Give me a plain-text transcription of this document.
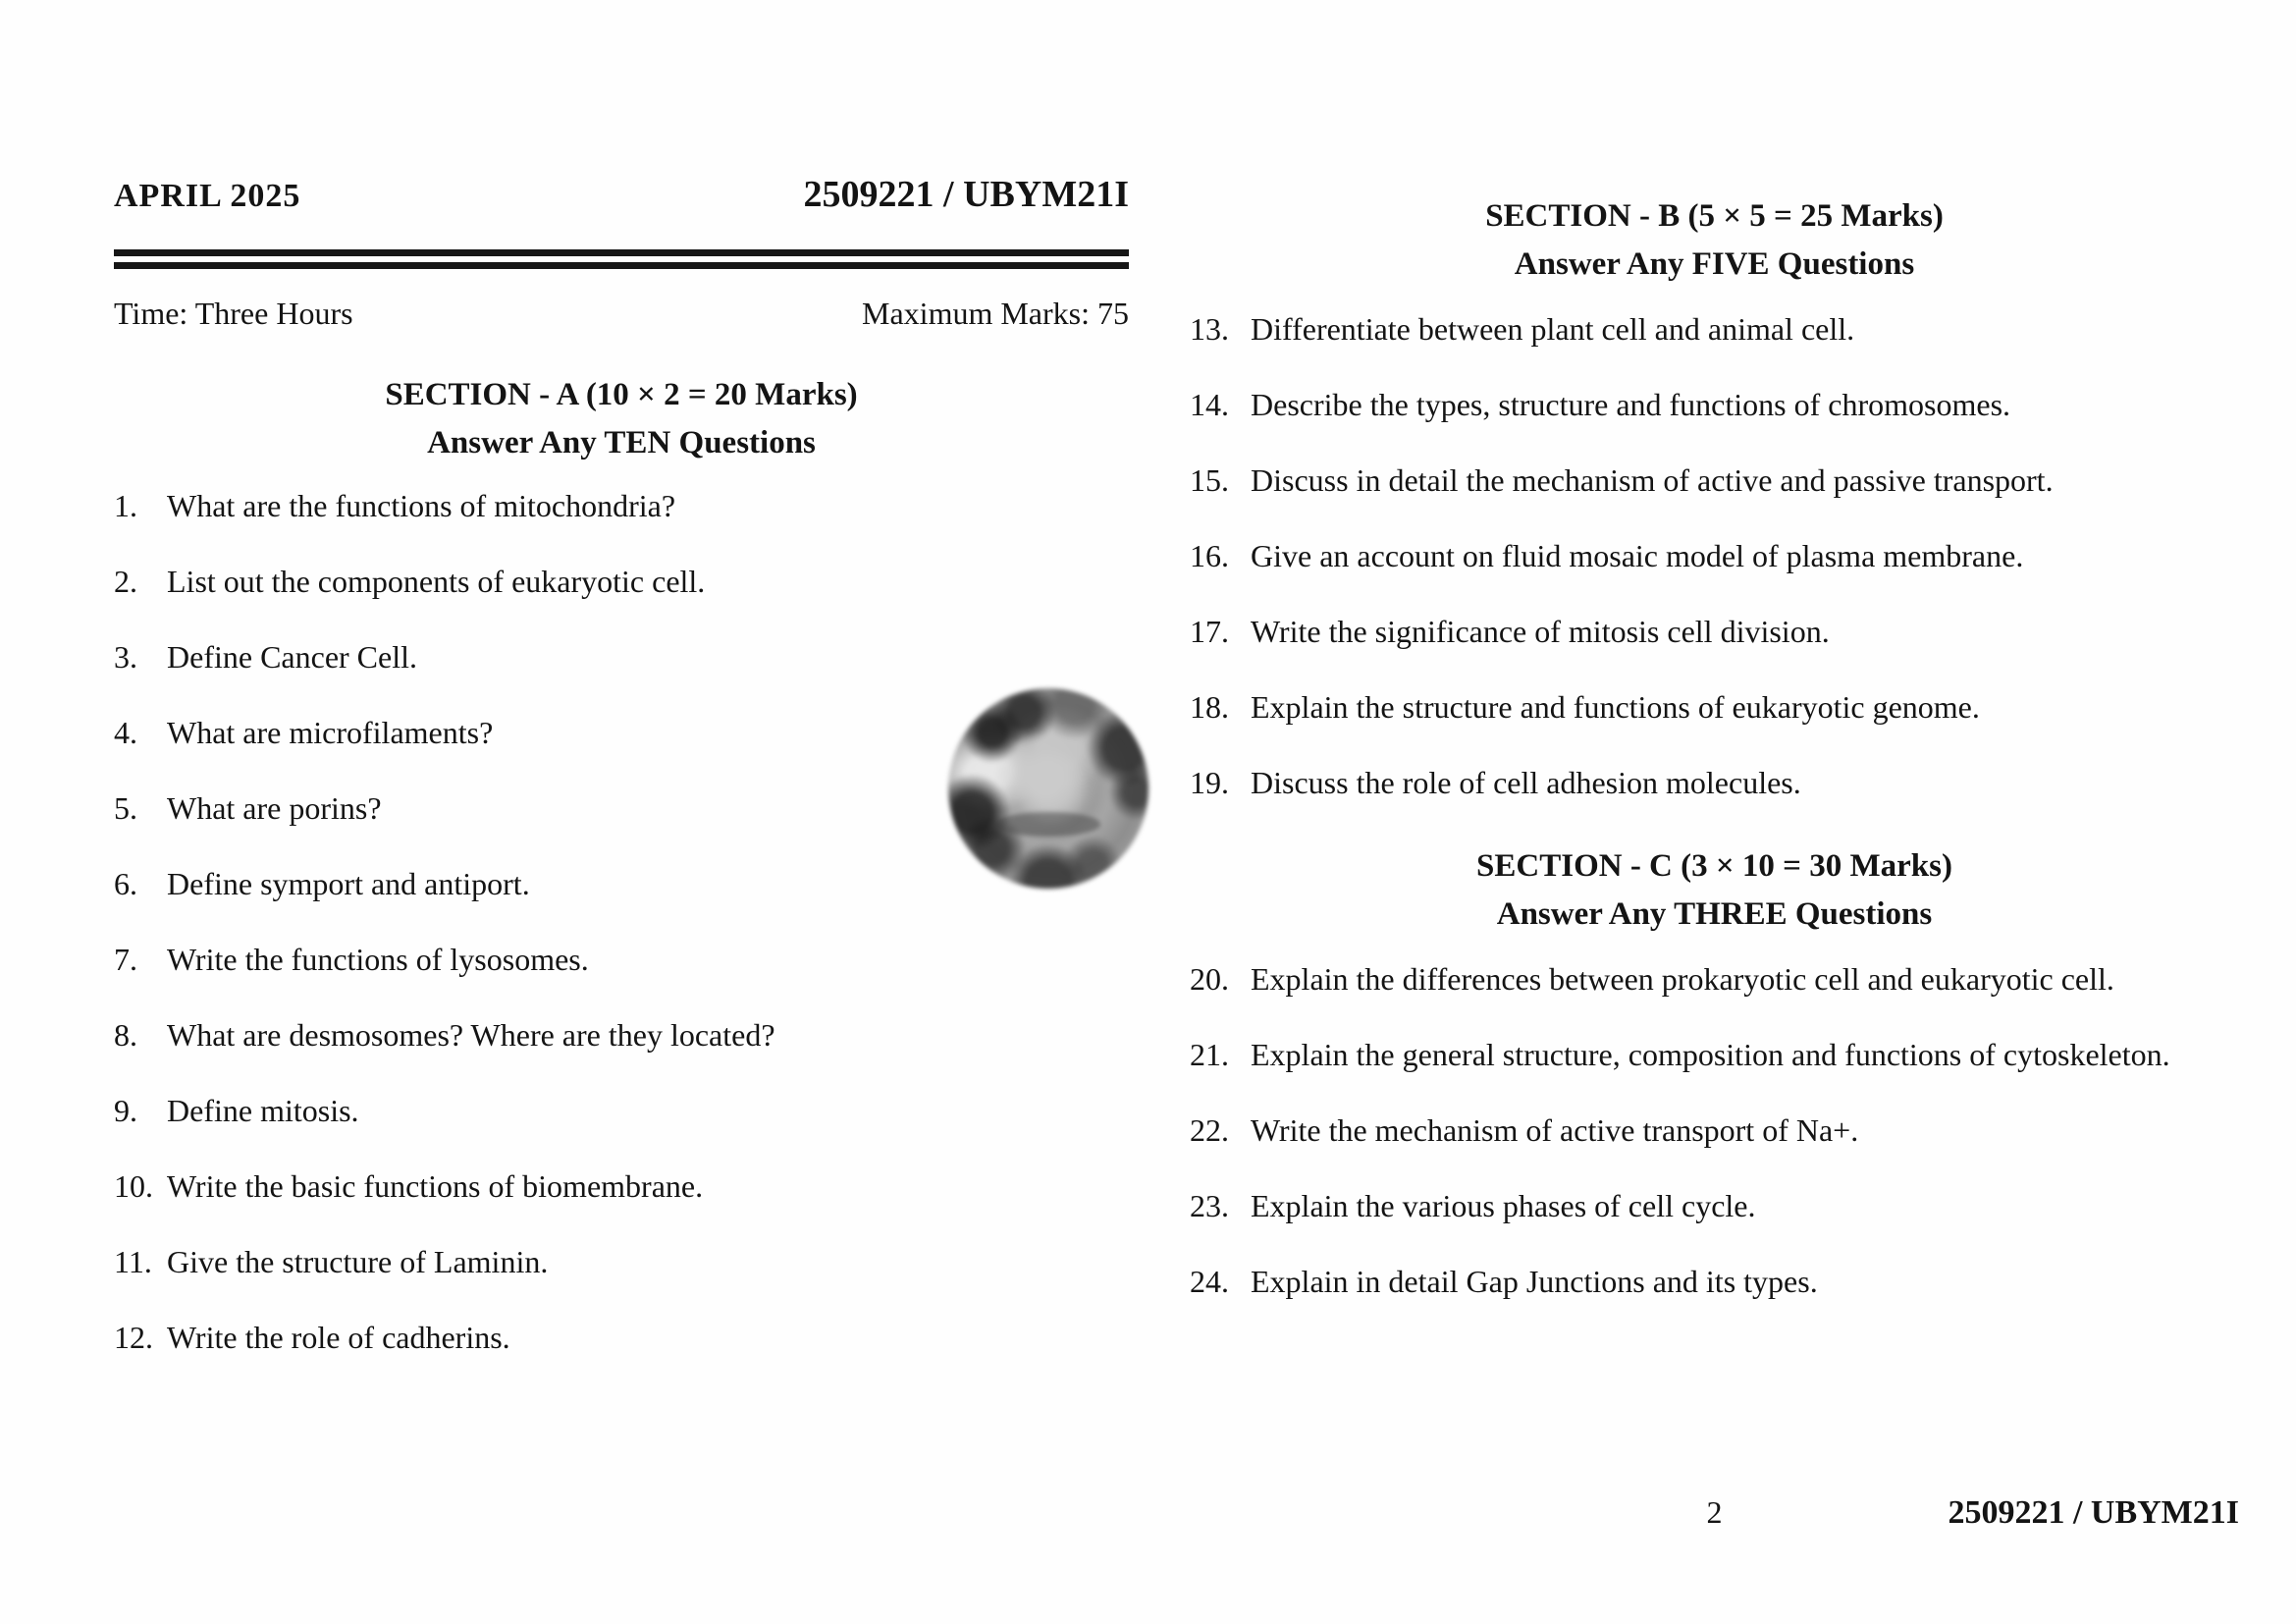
APRIL 2025	2509221 / UBYM21I
Time: Three Hours	Maximum Marks: 75
SECTION - A (10 × 2 = 20 Marks)
Answer Any TEN Questions
1. What are the functions of mitochondria?
2. List out the components of eukaryotic cell.
3. Define Cancer Cell.
4. What are microfilaments?
5. What are porins?
6. Define symport and antiport.
7. Write the functions of lysosomes.
8. What are desmosomes? Where are they located?
9. Define mitosis.
10. Write the basic functions of biomembrane.
11. Give the structure of Laminin.
12. Write the role of cadherins.
SECTION - B (5 × 5 = 25 Marks)
Answer Any FIVE Questions
13. Differentiate between plant cell and animal cell.
14. Describe the types, structure and functions of chromosomes.
15. Discuss in detail the mechanism of active and passive transport.
16. Give an account on fluid mosaic model of plasma membrane.
17. Write the significance of mitosis cell division.
18. Explain the structure and functions of eukaryotic genome.
19. Discuss the role of cell adhesion molecules.
SECTION - C (3 × 10 = 30 Marks)
Answer Any THREE Questions
20. Explain the differences between prokaryotic cell and eukaryotic cell.
21. Explain the general structure, composition and functions of cytoskeleton.
22. Write the mechanism of active transport of Na+.
23. Explain the various phases of cell cycle.
24. Explain in detail Gap Junctions and its types.
2	2509221 / UBYM21I
